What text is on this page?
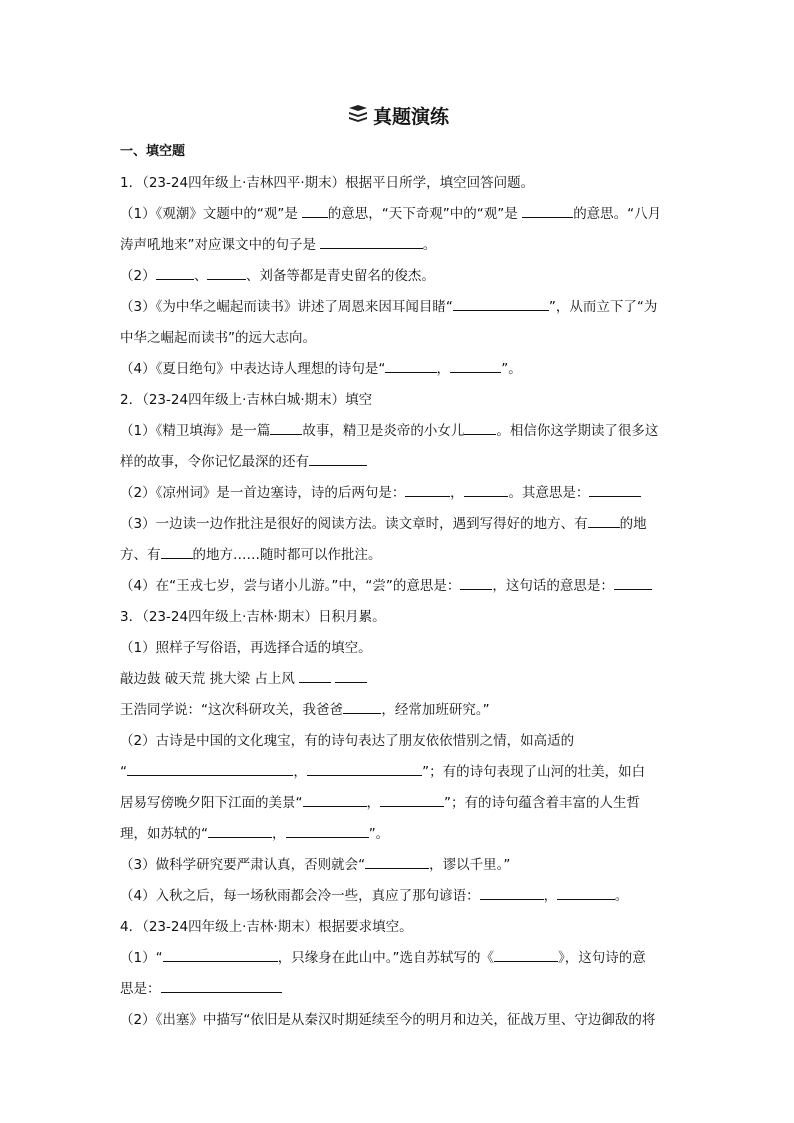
真题演练
一、填空题
1．（23-24四年级上·吉林四平·期末）根据平日所学，填空回答问题。
（1）《观潮》文题中的“观”是 的意思，“天下奇观”中的“观”是	的意思。“八月
涛声吼地来”对应课文中的句子是	。
（2）	、	、刘备等都是青史留名的俊杰。
（3）《为中华之崛起而读书》讲述了周恩来因耳闻目睹“	”，从而立下了“为
中华之崛起而读书”的远大志向。
（4）《夏日绝句》中表达诗人理想的诗句是“	，	”。
2．（23-24四年级上·吉林白城·期末）填空
（1）《精卫填海》是一篇 故事，精卫是炎帝的小女儿 。相信你这学期读了很多这
样的故事，令你记忆最深的还有
（2）《凉州词》是一首边塞诗，诗的后两句是：	，	。其意思是：
（3）一边读一边作批注是很好的阅读方法。读文章时，遇到写得好的地方、有 的地
方、有 的地方……随时都可以作批注。
（4）在“王戎七岁，尝与诸小儿游。”中，“尝”的意思是： ，这句话的意思是：
3．（23-24四年级上·吉林·期末）日积月累。
（1）照样子写俗语，再选择合适的填空。
敲边鼓 破天荒 挑大梁 占上风
王浩同学说：“这次科研攻关，我爸爸	，经常加班研究。”
（2）古诗是中国的文化瑰宝，有的诗句表达了朋友依依惜别之情，如高适的
“	，	”；有的诗句表现了山河的壮美，如白
居易写傍晚夕阳下江面的美景“	，	”；有的诗句蕴含着丰富的人生哲
理，如苏轼的“	，	”。
（3）做科学研究要严肃认真，否则就会“	，谬以千里。”
（4）入秋之后，每一场秋雨都会冷一些，真应了那句谚语：	，	。
4．（23-24四年级上·吉林·期末）根据要求填空。
（1）“	，只缘身在此山中。”选自苏轼写的《	》，这句诗的意
思是：
（2）《出塞》中描写“依旧是从秦汉时期延续至今的明月和边关，征战万里、守边御敌的将
